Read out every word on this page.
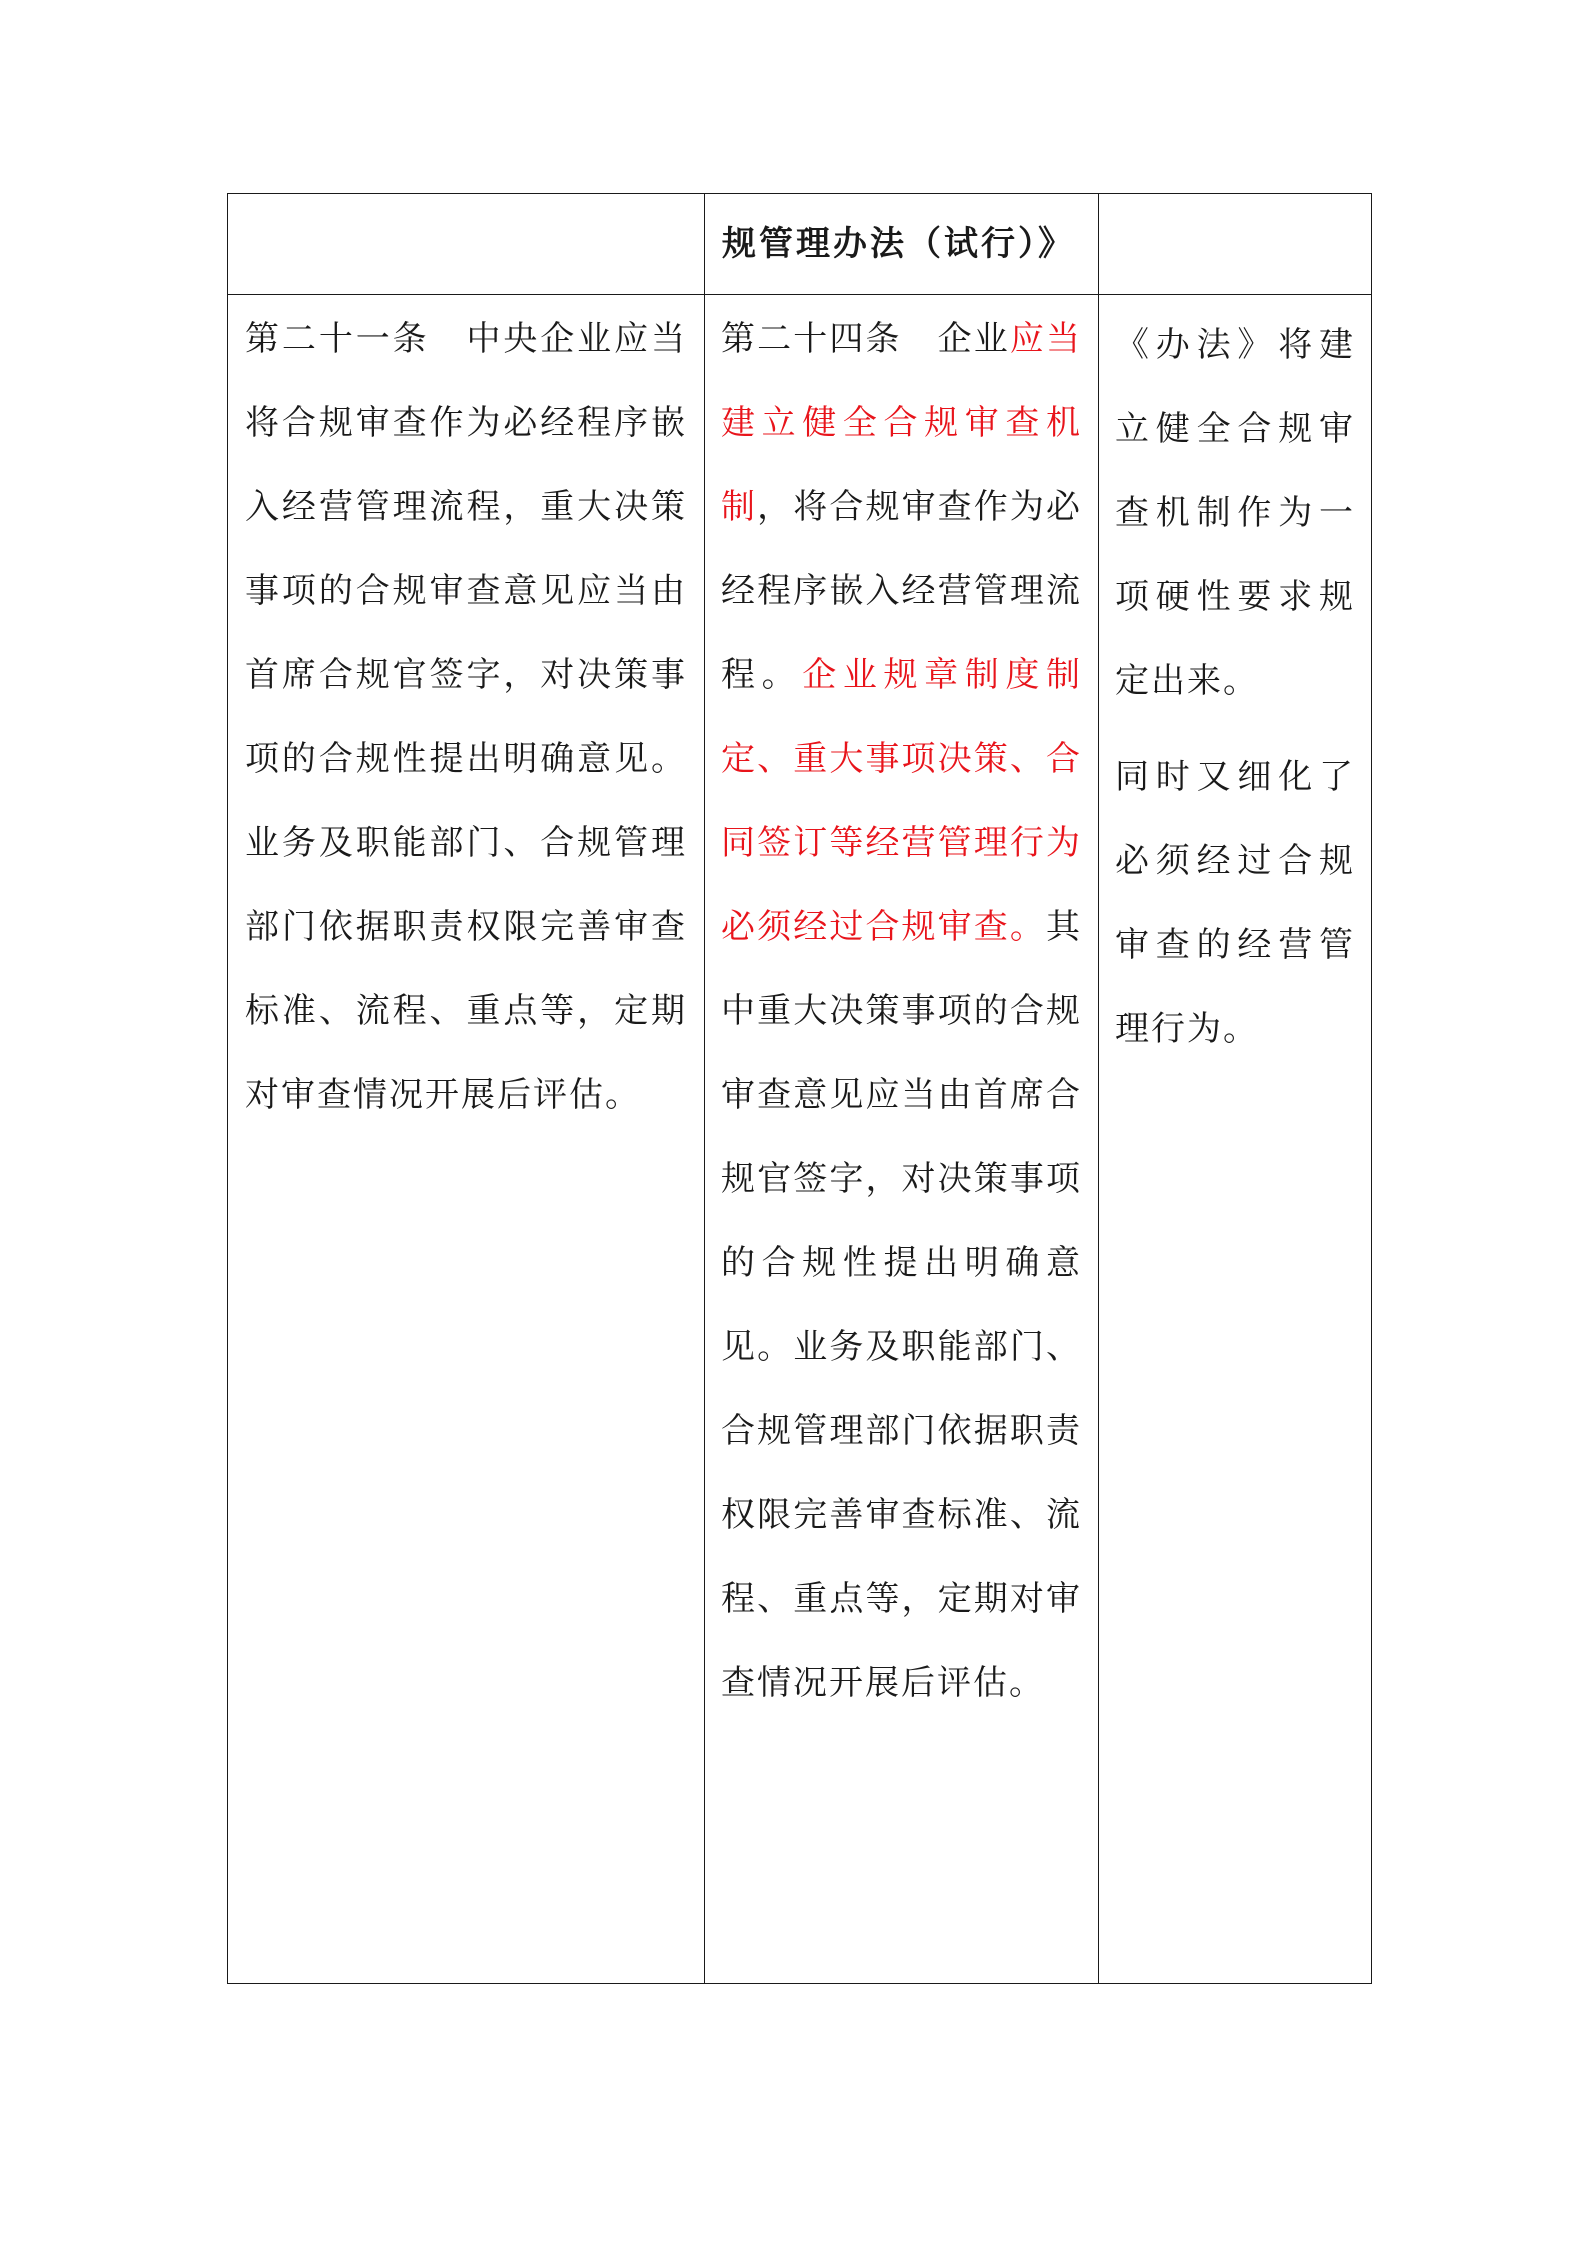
	规管理办法（试行）》	

第二十一条　中央企业应当将合规审查作为必经程序嵌入经营管理流程，重大决策事项的合规审查意见应当由首席合规官签字，对决策事项的合规性提出明确意见。业务及职能部门、合规管理部门依据职责权限完善审查标准、流程、重点等，定期对审查情况开展后评估。	第二十四条　企业应当建立健全合规审查机制，将合规审查作为必经程序嵌入经营管理流程。企业规章制度制定、重大事项决策、合同签订等经营管理行为必须经过合规审查。其中重大决策事项的合规审查意见应当由首席合规官签字，对决策事项的合规性提出明确意见。业务及职能部门、合规管理部门依据职责权限完善审查标准、流程、重点等，定期对审查情况开展后评估。	《办法》将建立健全合规审查机制作为一项硬性要求规定出来。

同时又细化了必须经过合规审查的经营管理行为。
